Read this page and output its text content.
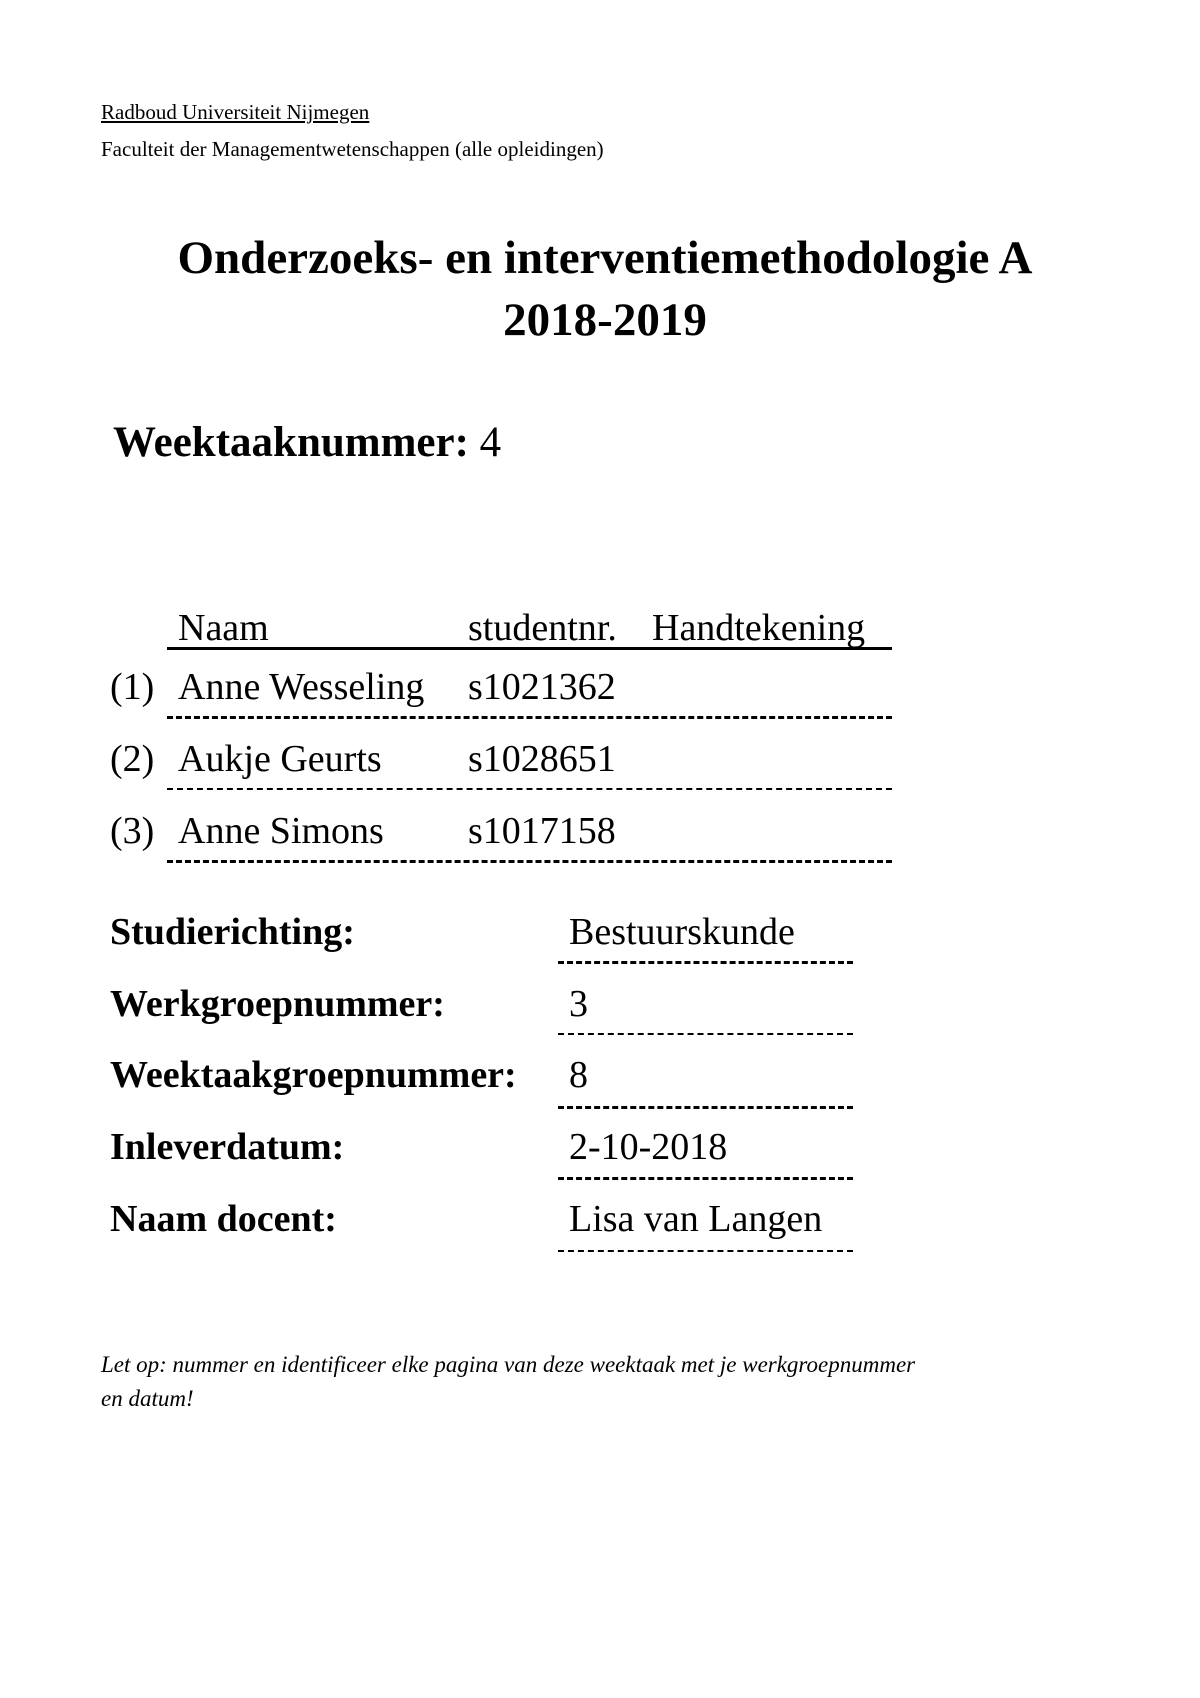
Radboud Universiteit Nijmegen
Faculteit der Managementwetenschappen (alle opleidingen)
Onderzoeks- en interventiemethodologie A
2018-2019
Weektaaknummer: 4
Naam	studentnr. Handtekening
(1) Anne Wesseling s1021362
(2) Aukje Geurts s1028651
(3) Anne Simons s1017158
Studierichting:	Bestuurskunde
Werkgroepnummer:	3
Weektaakgroepnummer: 8
Inleverdatum:	2-10-2018
Naam docent:	Lisa van Langen
Let op: nummer en identificeer elke pagina van deze weektaak met je werkgroepnummer en datum!
